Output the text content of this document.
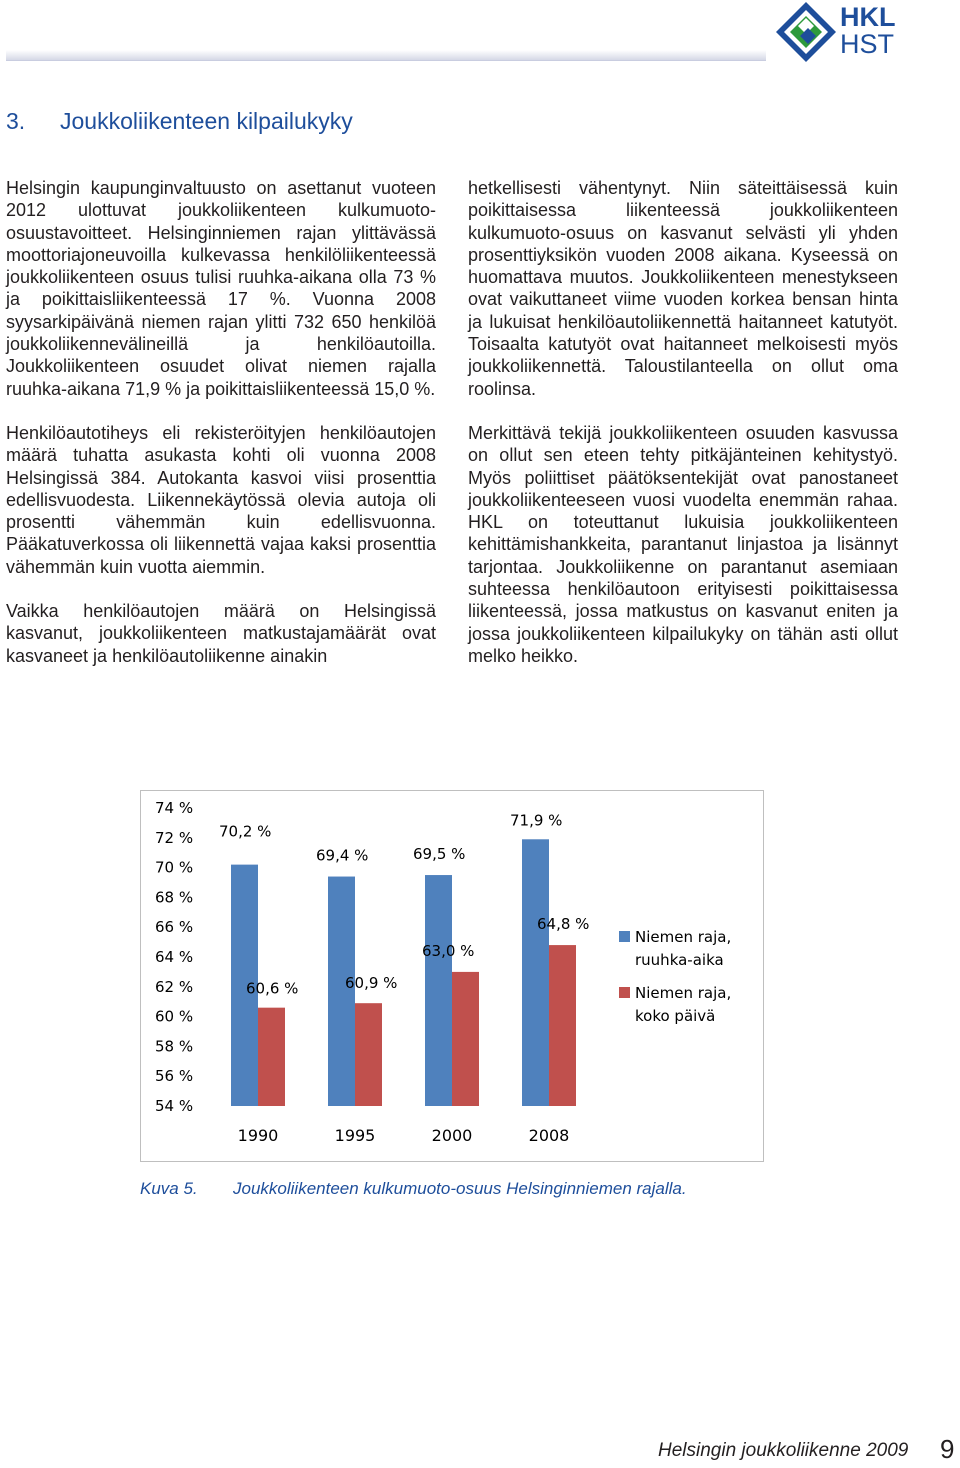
HKL
HST
3. Joukkoliikenteen kilpailukyky

Helsingin kaupunginvaltuusto on asettanut vuoteen 2012 ulottuvat joukkoliikenteen kulkumuoto-osuustavoitteet. Helsinginniemen rajan ylittävässä moottoriajoneuvoilla kulkevassa henkilöliikenteessä joukkoliikenteen osuus tulisi ruuhka-aikana olla 73 % ja poikittaisliikenteessä 17 %. Vuonna 2008 syysarkipäivänä niemen rajan ylitti 732 650 henkilöä joukkoliikennevälineillä ja henkilöautoilla. Joukkoliikenteen osuudet olivat niemen rajalla ruuhka-aikana 71,9 % ja poikittaisliikenteessä 15,0 %.

Henkilöautotiheys eli rekisteröityjen henkilöautojen määrä tuhatta asukasta kohti oli vuonna 2008 Helsingissä 384. Autokanta kasvoi viisi prosenttia edellisvuodesta. Liikennekäytössä olevia autoja oli prosentti vähemmän kuin edellisvuonna. Pääkatuverkossa oli liikennettä vajaa kaksi prosenttia vähemmän kuin vuotta aiemmin.

Vaikka henkilöautojen määrä on Helsingissä kasvanut, joukkoliikenteen matkustajamäärät ovat kasvaneet ja henkilöautoliikenne ainakin

hetkellisesti vähentynyt. Niin säteittäisessä kuin poikittaisessa liikenteessä joukkoliikenteen kulkumuoto-osuus on kasvanut selvästi yli yhden prosenttiyksikön vuoden 2008 aikana. Kyseessä on huomattava muutos. Joukkoliikenteen menestykseen ovat vaikuttaneet viime vuoden korkea bensan hinta ja lukuisat henkilöautoliikennettä haitanneet katutyöt. Toisaalta katutyöt ovat haitanneet melkoisesti myös joukkoliikennettä. Taloustilanteella on ollut oma roolinsa.

Merkittävä tekijä joukkoliikenteen osuuden kasvussa on ollut sen eteen tehty pitkäjänteinen kehitystyö. Myös poliittiset päätöksentekijät ovat panostaneet joukkoliikenteeseen vuosi vuodelta enemmän rahaa. HKL on toteuttanut lukuisia joukkoliikenteen kehittämishankkeita, parantanut linjastoa ja lisännyt tarjontaa. Joukkoliikenne on parantanut asemiaan suhteessa henkilöautoon erityisesti poikittaisessa liikenteessä, jossa matkustus on kasvanut eniten ja jossa joukkoliikenteen kilpailukyky on tähän asti ollut melko heikko.

74 %
72 %
70 %
68 %
66 %
64 %
62 %
60 %
58 %
56 %
54 %
70,2 %
60,6 %
1990
69,4 %
60,9 %
1995
69,5 %
63,0 %
2000
71,9 %
64,8 %
2008
Niemen raja,
ruuhka-aika
Niemen raja,
koko päivä
Kuva 5. Joukkoliikenteen kulkumuoto-osuus Helsinginniemen rajalla.
Helsingin joukkoliikenne 2009 9
